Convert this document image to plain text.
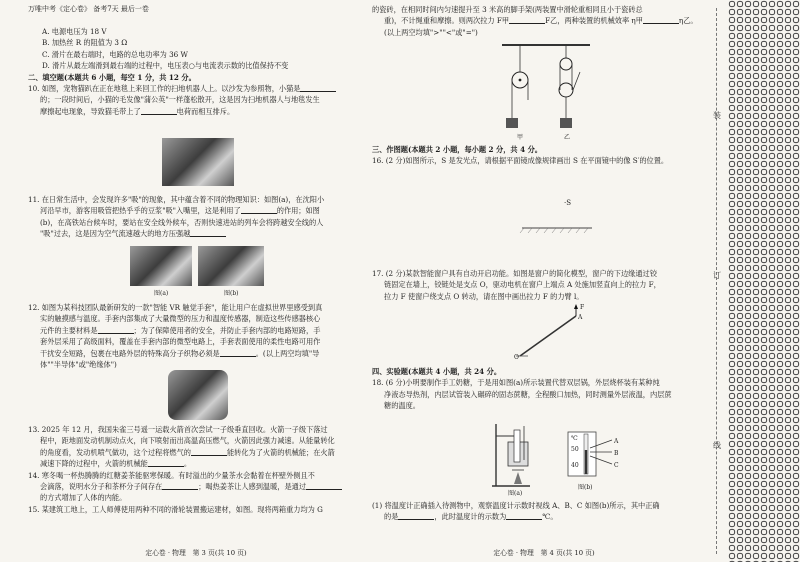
万唯中考《定心卷》 备考7天 最后一卷
A. 电源电压为 18 V
B. 加热丝 R 的阻值为 3 Ω
C. 滑片在最右端时，电路的总电功率为 36 W
D. 滑片从最左端滑到最右端的过程中，电压表○与电流表示数的比值保持不变
二、填空题(本题共 6 小题，每空 1 分，共 12 分。
10. 如图，宠物猫趴在正在地毯上来回工作的扫地机器人上。以沙发为参照物，小猫是
的；一段时间后，小猫的毛发像"蒲公英"一样蓬松散开，这是因为扫地机器人与地毯发生
摩擦起电现象，导致猫毛带上了	电荷而相互排斥。
11. 在日常生活中，会发现许多"吸"的现象，其中蕴含着不同的物理知识：如图(a)，在沈阳小
河沿早市，游客用吸管把热乎乎的豆浆"吸"入嘴里，这是利用了	的作用；如图
(b)，在高铁站台候车时，要站在安全线外候车，否则快速进站的列车会将跨越安全线的人
"吸"过去，这是因为空气流速越大的地方压强越
图(a)	图(b)
12. 如图为某科技团队最新研发的一款"智能 VR 触觉手套"，能让用户在虚拟世界里感受到真
实的触摸感与温度。手套内部集成了大量微型的压力和温度传感器，制造这些传感器核心
元件的主要材料是	；为了保障使用者的安全，并防止手套内部的电路短路，手
套外层采用了高级面料，覆盖在手套内部的微型电路上，手套表面使用的柔性电路可用作
干扰安全短路，包裹在电路外层的特殊高分子织物必须是	。(以上两空均填"导
体""半导体"或"绝缘体")
13. 2025 年 12 月，我国朱雀三号遥一运载火箭首次尝试一子级垂直回收。火箭一子级下落过
程中，距地面发动机制动点火，向下喷射而出高温高压燃气，火箭因此强力减速。从能量转化
的角度看，发动机喷气做功，这个过程将燃气的	能转化为了火箭的机械能；在火箭
减速下降的过程中，火箭的机械能	。
14. 寒冬喝一杯热腾腾的红糖姜茶能驱寒保暖。有时溢出的少量茶水会黏着在杯壁外侧且不
会滴落，说明水分子和茶杯分子间存在	；喝热姜茶让人感到温暖，是通过
的方式增加了人体的内能。
15. 某建筑工地上，工人师傅使用两种不同的滑轮装置搬运建材，如图。现将两箱重力均为 G
定心卷 · 物理　第 3 页(共 10 页)
的瓷砖，在相同时间内匀速提升至 3 米高的脚手架(两装置中滑轮重相同且小于瓷砖总
重)，不计绳重和摩擦。则两次拉力 F甲	F乙，两种装置的机械效率 η甲	η乙。
(以上两空均填">""<"或"=")
甲	乙
三、作图题(本题共 2 小题，每小题 2 分，共 4 分。
16. (2 分)如图所示，S 是发光点，请根据平面镜成像规律画出 S 在平面镜中的像 S′的位置。
·S
17. (2 分)某款智能窗户具有自动开启功能。如图是窗户的简化模型，窗户的下边缘通过铰
链固定在墙上，铰链处是支点 O，驱动电机在窗户上端点 A 处施加竖直向上的拉力 F，
拉力 F 使窗户绕支点 O 转动，请在图中画出拉力 F 的力臂 l。
A
F
O
四、实验题(本题共 4 小题，共 24 分。
18. (6 分)小明要制作手工奶糖，于是用如图(a)所示装置代替双层锅，外层烧杯装有某种纯
净液态导热剂，内层试管装入碾碎的固态蔗糖，全程酸口加热，同时测量外层液温，内层蔗
糖的温度。
℃
50
40
A
B
C
图(a)
图(b)
(1) 将温度计正确插入待测物中，观察温度计示数时视线 A、B、C 如图(b)所示，其中正确
的是	，此时温度计的示数为	℃。
定心卷 · 物理　第 4 页(共 10 页)
装
订
线
